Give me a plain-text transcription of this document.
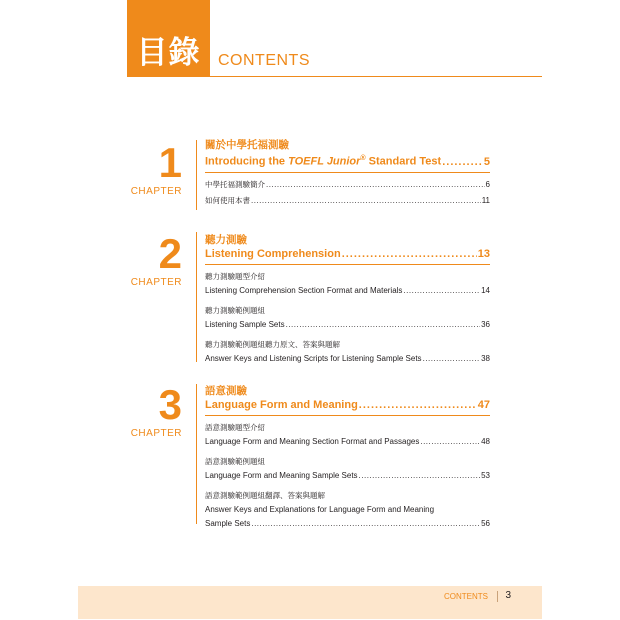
目錄 CONTENTS
1
CHAPTER
關於中學托福測驗
Introducing the TOEFL Junior® Standard Test .....	5
中學托福測驗簡介 .....	6
如何使用本書 .....	11
2
CHAPTER
聽力測驗
Listening Comprehension .....	13
聽力測驗題型介紹
Listening Comprehension Section Format and Materials .....	14
聽力測驗範例題組
Listening Sample Sets .....	36
聽力測驗範例題組聽力原文、答案與題解
Answer Keys and Listening Scripts for Listening Sample Sets .....	38
3
CHAPTER
語意測驗
Language Form and Meaning .....	47
語意測驗題型介紹
Language Form and Meaning Section Format and Passages .....	48
語意測驗範例題組
Language Form and Meaning Sample Sets .....	53
語意測驗範例題組翻譯、答案與題解
Answer Keys and Explanations for Language Form and Meaning
Sample Sets .....	56
CONTENTS 3
